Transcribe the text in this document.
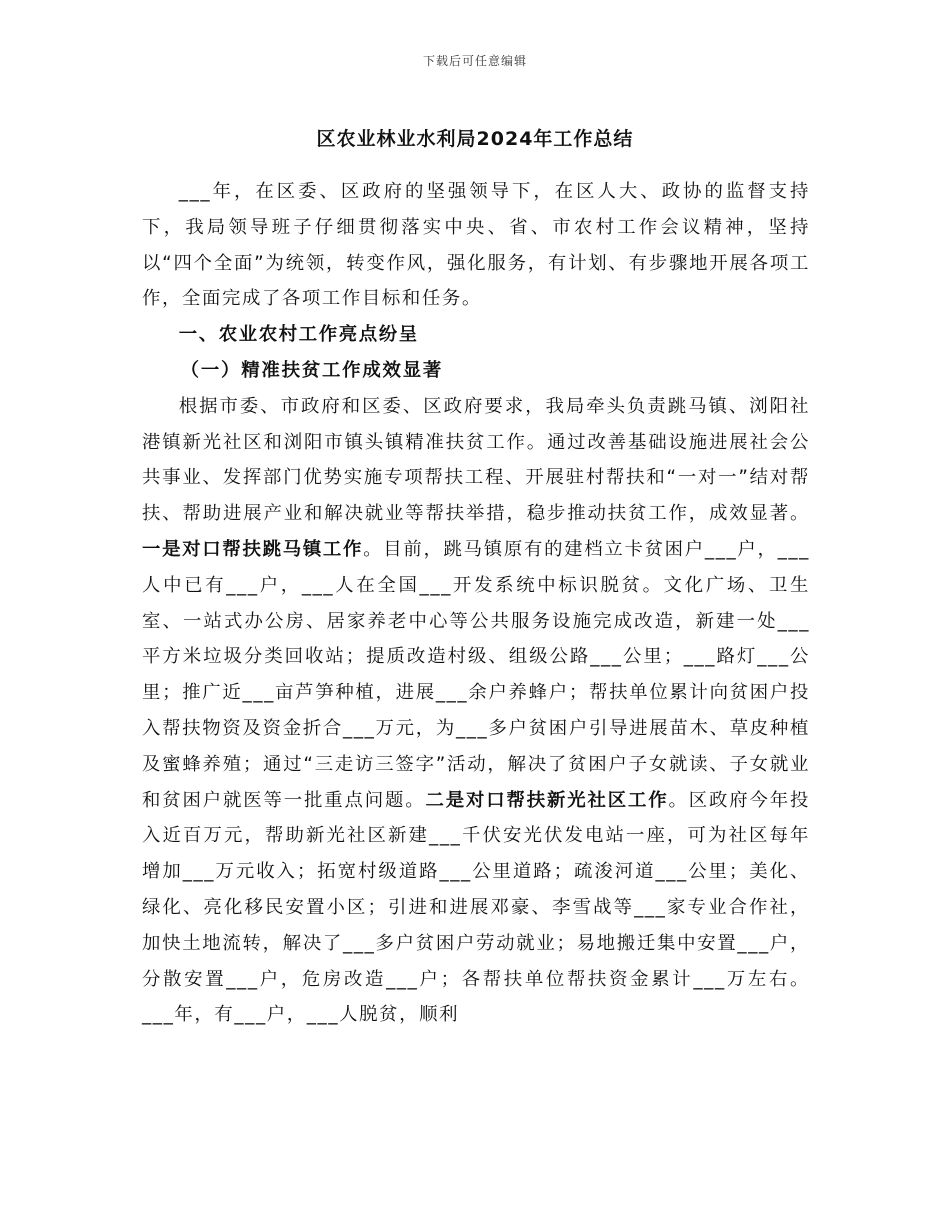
下载后可任意编辑
区农业林业水利局2024年工作总结

___年，在区委、区政府的坚强领导下，在区人大、政协的监督支持下，我局领导班子仔细贯彻落实中央、省、市农村工作会议精神，坚持以“四个全面”为统领，转变作风，强化服务，有计划、有步骤地开展各项工作，全面完成了各项工作目标和任务。

一、农业农村工作亮点纷呈

（一）精准扶贫工作成效显著

根据市委、市政府和区委、区政府要求，我局牵头负责跳马镇、浏阳社港镇新光社区和浏阳市镇头镇精准扶贫工作。通过改善基础设施进展社会公共事业、发挥部门优势实施专项帮扶工程、开展驻村帮扶和“一对一”结对帮扶、帮助进展产业和解决就业等帮扶举措，稳步推动扶贫工作，成效显著。一是对口帮扶跳马镇工作。目前，跳马镇原有的建档立卡贫困户___户，___人中已有___户，___人在全国___开发系统中标识脱贫。文化广场、卫生室、一站式办公房、居家养老中心等公共服务设施完成改造，新建一处___平方米垃圾分类回收站；提质改造村级、组级公路___公里；___路灯___公里；推广近___亩芦笋种植，进展___余户养蜂户；帮扶单位累计向贫困户投入帮扶物资及资金折合___万元，为___多户贫困户引导进展苗木、草皮种植及蜜蜂养殖；通过“三走访三签字”活动，解决了贫困户子女就读、子女就业和贫困户就医等一批重点问题。二是对口帮扶新光社区工作。区政府今年投入近百万元，帮助新光社区新建___千伏安光伏发电站一座，可为社区每年增加___万元收入；拓宽村级道路___公里道路；疏浚河道___公里；美化、绿化、亮化移民安置小区；引进和进展邓豪、李雪战等___家专业合作社，加快土地流转，解决了___多户贫困户劳动就业；易地搬迁集中安置___户，分散安置___户，危房改造___户；各帮扶单位帮扶资金累计___万左右。___年，有___户，___人脱贫，顺利
